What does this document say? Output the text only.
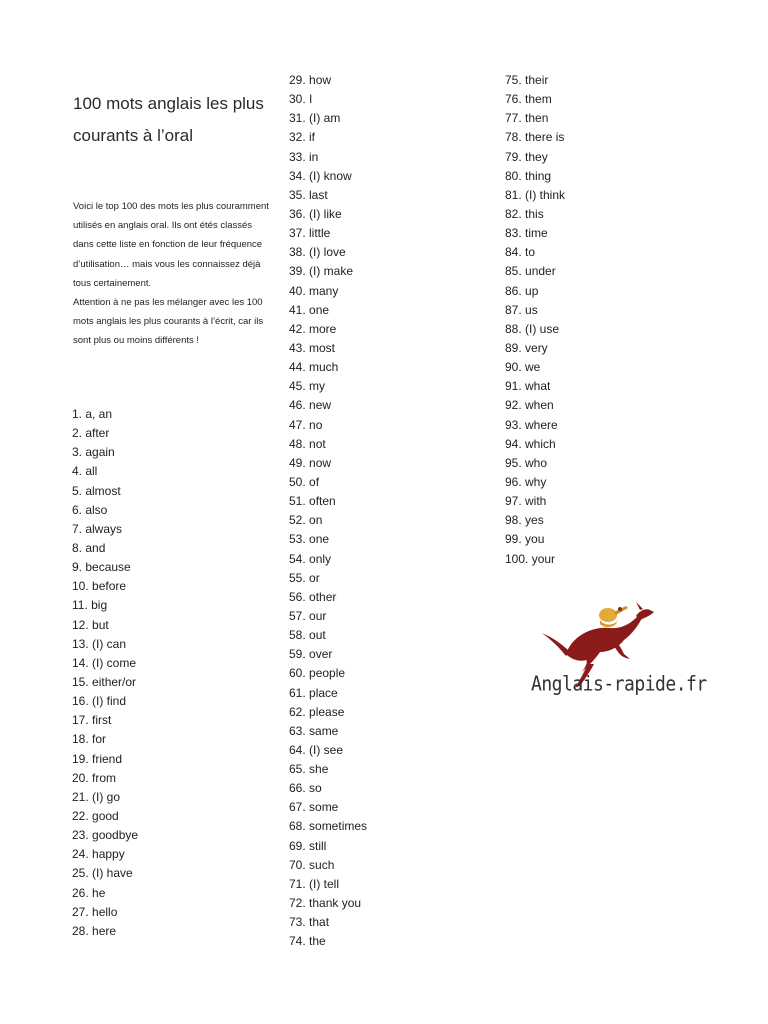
100 mots anglais les plus courants à l’oral

Voici le top 100 des mots les plus couramment utilisés en anglais oral. Ils ont étés classés dans cette liste en fonction de leur fréquence d’utilisation… mais vous les connaissez déjà tous certainement.

Attention à ne pas les mélanger avec les 100 mots anglais les plus courants à l’écrit, car ils sont plus ou moins différents !

1. a, an
2. after
3. again
4. all
5. almost
6. also
7. always
8. and
9. because
10. before
11. big
12. but
13. (I) can
14. (I) come
15. either/or
16. (I) find
17. first
18. for
19. friend
20. from
21. (I) go
22. good
23. goodbye
24. happy
25. (I) have
26. he
27. hello
28. here
29. how
30. I
31. (I) am
32. if
33. in
34. (I) know
35. last
36. (I) like
37. little
38. (I) love
39. (I) make
40. many
41. one
42. more
43. most
44. much
45. my
46. new
47. no
48. not
49. now
50. of
51. often
52. on
53. one
54. only
55. or
56. other
57. our
58. out
59. over
60. people
61. place
62. please
63. same
64. (I) see
65. she
66. so
67. some
68. sometimes
69. still
70. such
71. (I) tell
72. thank you
73. that
74. the
75. their
76. them
77. then
78. there is
79. they
80. thing
81. (I) think
82. this
83. time
84. to
85. under
86. up
87. us
88. (I) use
89. very
90. we
91. what
92. when
93. where
94. which
95. who
96. why
97. with
98. yes
99. you
100. your
Anglais-rapide.fr
